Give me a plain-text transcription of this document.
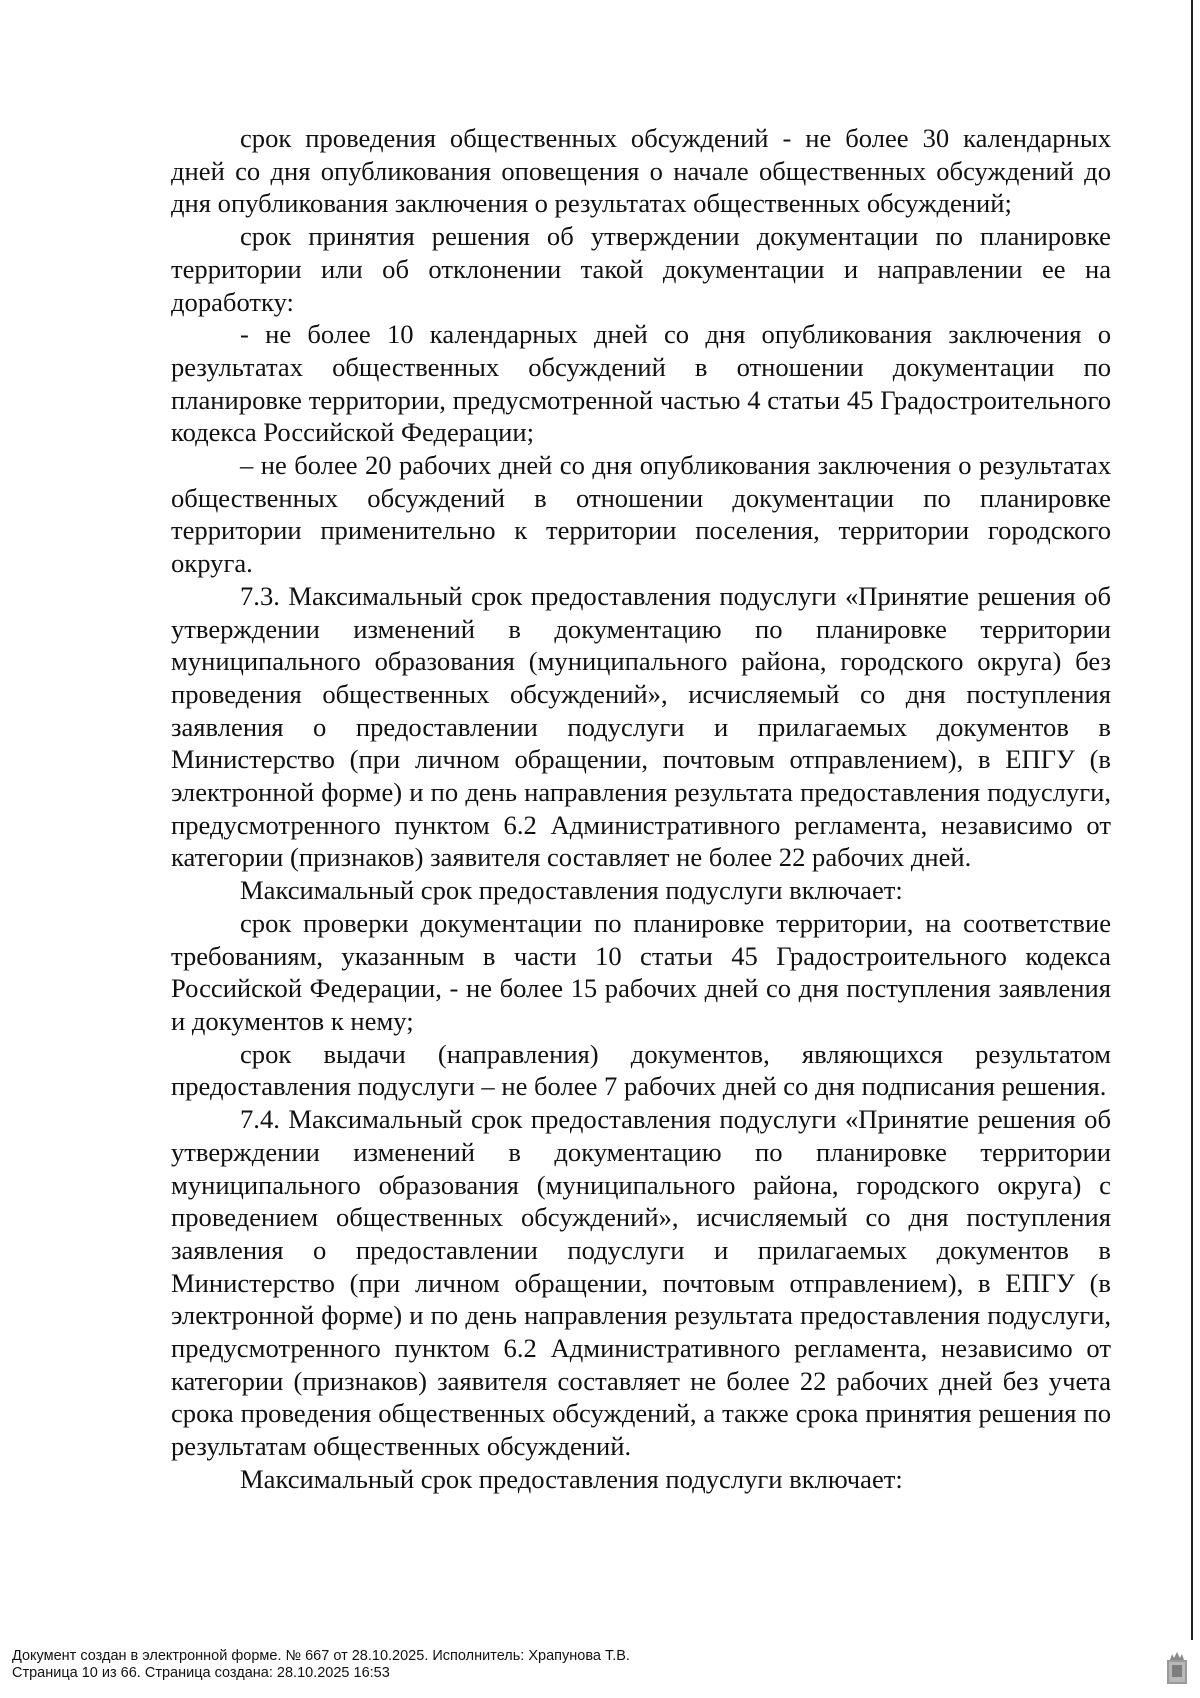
срок проведения общественных обсуждений - не более 30 календарных дней со дня опубликования оповещения о начале общественных обсуждений до дня опубликования заключения о результатах общественных обсуждений;

срок принятия решения об утверждении документации по планировке территории или об отклонении такой документации и направлении ее на доработку:

- не более 10 календарных дней со дня опубликования заключения о результатах общественных обсуждений в отношении документации по планировке территории, предусмотренной частью 4 статьи 45 Градостроительного кодекса Российской Федерации;

– не более 20 рабочих дней со дня опубликования заключения о результатах общественных обсуждений в отношении документации по планировке территории применительно к территории поселения, территории городского округа.

7.3. Максимальный срок предоставления подуслуги «Принятие решения об утверждении изменений в документацию по планировке территории муниципального образования (муниципального района, городского округа) без проведения общественных обсуждений», исчисляемый со дня поступления заявления о предоставлении подуслуги и прилагаемых документов в Министерство (при личном обращении, почтовым отправлением), в ЕПГУ (в электронной форме) и по день направления результата предоставления подуслуги, предусмотренного пунктом 6.2 Административного регламента, независимо от категории (признаков) заявителя составляет не более 22 рабочих дней.

Максимальный срок предоставления подуслуги включает:

срок проверки документации по планировке территории, на соответствие требованиям, указанным в части 10 статьи 45 Градостроительного кодекса Российской Федерации, - не более 15 рабочих дней со дня поступления заявления и документов к нему;

срок выдачи (направления) документов, являющихся результатом предоставления подуслуги – не более 7 рабочих дней со дня подписания решения.

7.4. Максимальный срок предоставления подуслуги «Принятие решения об утверждении изменений в документацию по планировке территории муниципального образования (муниципального района, городского округа) с проведением общественных обсуждений», исчисляемый со дня поступления заявления о предоставлении подуслуги и прилагаемых документов в Министерство (при личном обращении, почтовым отправлением), в ЕПГУ (в электронной форме) и по день направления результата предоставления подуслуги, предусмотренного пунктом 6.2 Административного регламента, независимо от категории (признаков) заявителя составляет не более 22 рабочих дней без учета срока проведения общественных обсуждений, а также срока принятия решения по результатам общественных обсуждений.

Максимальный срок предоставления подуслуги включает:

Документ создан в электронной форме. № 667 от 28.10.2025. Исполнитель: Храпунова Т.В.
Страница 10 из 66. Страница создана: 28.10.2025 16:53
